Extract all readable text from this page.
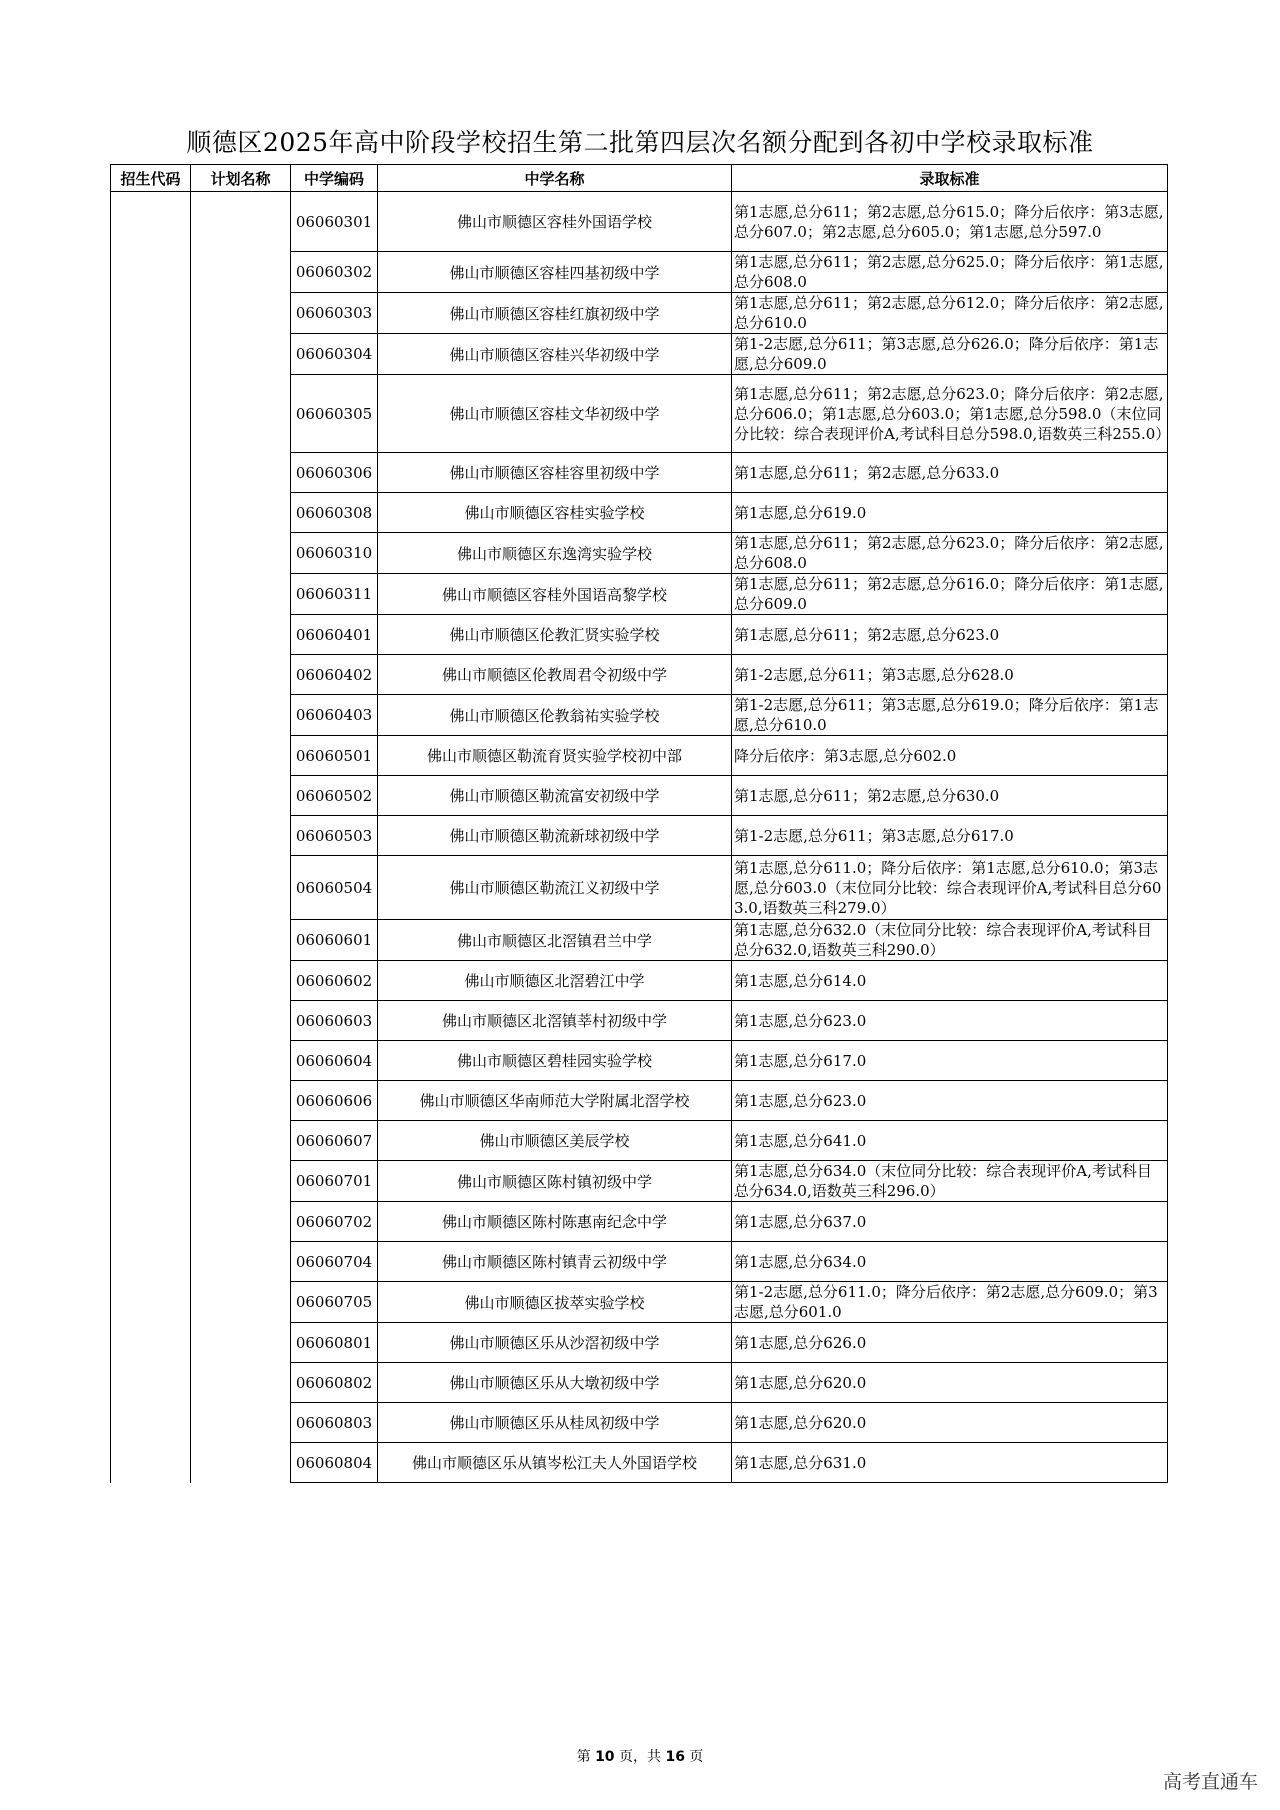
顺德区2025年高中阶段学校招生第二批第四层次名额分配到各初中学校录取标准
招生代码	计划名称	中学编码	中学名称	录取标准
		06060301	佛山市顺德区容桂外国语学校	第1志愿,总分611；第2志愿,总分615.0；降分后依序：第3志愿,总分607.0；第2志愿,总分605.0；第1志愿,总分597.0
		06060302	佛山市顺德区容桂四基初级中学	第1志愿,总分611；第2志愿,总分625.0；降分后依序：第1志愿,总分608.0
		06060303	佛山市顺德区容桂红旗初级中学	第1志愿,总分611；第2志愿,总分612.0；降分后依序：第2志愿,总分610.0
		06060304	佛山市顺德区容桂兴华初级中学	第1-2志愿,总分611；第3志愿,总分626.0；降分后依序：第1志愿,总分609.0
		06060305	佛山市顺德区容桂文华初级中学	第1志愿,总分611；第2志愿,总分623.0；降分后依序：第2志愿,总分606.0；第1志愿,总分603.0；第1志愿,总分598.0（末位同分比较：综合表现评价A,考试科目总分598.0,语数英三科255.0）
		06060306	佛山市顺德区容桂容里初级中学	第1志愿,总分611；第2志愿,总分633.0
		06060308	佛山市顺德区容桂实验学校	第1志愿,总分619.0
		06060310	佛山市顺德区东逸湾实验学校	第1志愿,总分611；第2志愿,总分623.0；降分后依序：第2志愿,总分608.0
		06060311	佛山市顺德区容桂外国语高黎学校	第1志愿,总分611；第2志愿,总分616.0；降分后依序：第1志愿,总分609.0
		06060401	佛山市顺德区伦教汇贤实验学校	第1志愿,总分611；第2志愿,总分623.0
		06060402	佛山市顺德区伦教周君令初级中学	第1-2志愿,总分611；第3志愿,总分628.0
		06060403	佛山市顺德区伦教翁祐实验学校	第1-2志愿,总分611；第3志愿,总分619.0；降分后依序：第1志愿,总分610.0
		06060501	佛山市顺德区勒流育贤实验学校初中部	降分后依序：第3志愿,总分602.0
		06060502	佛山市顺德区勒流富安初级中学	第1志愿,总分611；第2志愿,总分630.0
		06060503	佛山市顺德区勒流新球初级中学	第1-2志愿,总分611；第3志愿,总分617.0
		06060504	佛山市顺德区勒流江义初级中学	第1志愿,总分611.0；降分后依序：第1志愿,总分610.0；第3志愿,总分603.0（末位同分比较：综合表现评价A,考试科目总分603.0,语数英三科279.0）
		06060601	佛山市顺德区北滘镇君兰中学	第1志愿,总分632.0（末位同分比较：综合表现评价A,考试科目总分632.0,语数英三科290.0）
		06060602	佛山市顺德区北滘碧江中学	第1志愿,总分614.0
		06060603	佛山市顺德区北滘镇莘村初级中学	第1志愿,总分623.0
		06060604	佛山市顺德区碧桂园实验学校	第1志愿,总分617.0
		06060606	佛山市顺德区华南师范大学附属北滘学校	第1志愿,总分623.0
		06060607	佛山市顺德区美辰学校	第1志愿,总分641.0
		06060701	佛山市顺德区陈村镇初级中学	第1志愿,总分634.0（末位同分比较：综合表现评价A,考试科目总分634.0,语数英三科296.0）
		06060702	佛山市顺德区陈村陈惠南纪念中学	第1志愿,总分637.0
		06060704	佛山市顺德区陈村镇青云初级中学	第1志愿,总分634.0
		06060705	佛山市顺德区拔萃实验学校	第1-2志愿,总分611.0；降分后依序：第2志愿,总分609.0；第3志愿,总分601.0
		06060801	佛山市顺德区乐从沙滘初级中学	第1志愿,总分626.0
		06060802	佛山市顺德区乐从大墩初级中学	第1志愿,总分620.0
		06060803	佛山市顺德区乐从桂凤初级中学	第1志愿,总分620.0
		06060804	佛山市顺德区乐从镇岑松江夫人外国语学校	第1志愿,总分631.0
第 10 页，共 16 页
高考直通车
